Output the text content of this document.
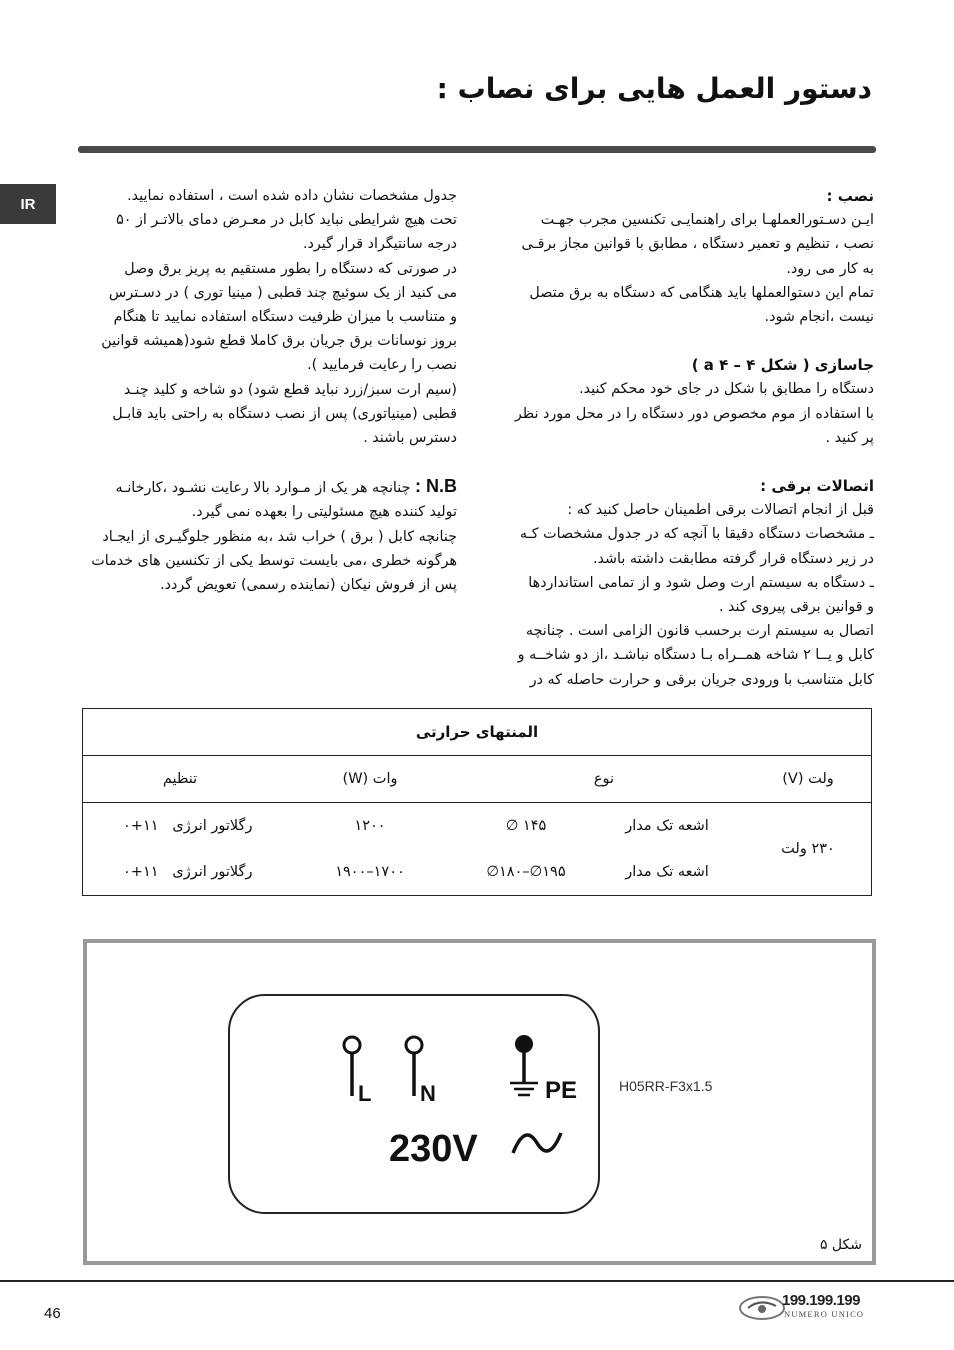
دستور العمل هایی برای نصاب :
IR	نصب :

ایـن دسـتورالعملهـا برای راهنمایـی تکنسین مجرب جهـت

نصب ، تنظیم و تعمیر دستگاه ، مطابق با قوانین مجاز برقـی

به کار می رود.

تمام این دستوالعملها باید هنگامی که دستگاه به برق متصل

نیست ،انجام شود.

جاسازی ( شکل a ۴ – ۴ )

دستگاه را مطابق با شکل در جای خود محکم کنید.

با استفاده از موم مخصوص دور دستگاه را در محل مورد نظر

پر کنید .

اتصالات برقی :

قبل از انجام اتصالات برقی اطمینان حاصل کنید که :

ـ مشخصات دستگاه دقیقا با آنچه که در جدول مشخصات کـه

در زیر دستگاه قرار گرفته مطابقت داشته باشد.

ـ دستگاه به سیستم ارت وصل شود و از تمامی استانداردها

و قوانین برقی پیروی کند .

اتصال به سیستم ارت برحسب قانون الزامی است . چنانچه

کابل و یــا ۲ شاخه همــراه بـا دستگاه نباشـد ،از دو شاخــه و

کابل متناسب با ورودی جریان برقی و حرارت حاصله که در

جدول مشخصات نشان داده شده است ، استفاده نمایید.

تحت هیچ شرایطی نباید کابل در معـرض دمای بالاتـر از ۵۰

درجه سانتیگراد قرار گیرد.

در صورتی که دستگاه را بطور مستقیم به پریز برق وصل

می کنید از یک سوئیچ چند قطبی ( مینیا توری ) در دسـترس

و متناسب با میزان ظرفیت دستگاه استفاده نمایید تا هنگام

بروز نوسانات برق جریان برق کاملا قطع شود(همیشه قوانین

نصب را رعایت فرمایید ).

(سیم ارت سبز/زرد نباید قطع شود) دو شاخه و کلید چنـد

قطبی (مینیاتوری) پس از نصب دستگاه به راحتی باید قابـل

دسترس باشند .

N.B : چنانچه هر یک از مـوارد بالا رعایت نشـود ،کارخانـه

تولید کننده هیچ مسئولیتی را بعهده نمی گیرد.

چنانچه کابل ( برق ) خراب شد ،به منظور جلوگیـری از ایجـاد

هرگونه خطری ،می بایست توسط یکی از تکنسین های خدمات

پس از فروش نیکان (نماینده رسمی) تعویض گردد.

المنتهای حرارتی				
ولت (V)	نوع		وات (W)	تنظیم
۲۳۰ ولت	اشعه تک مدار	∅ ۱۴۵	۱۲۰۰	رگلاتور انرژی   ۰+۱۱
	اشعه تک مدار	∅۱۸۰–∅۱۹۵	۱۷۰۰–۱۹۰۰	رگلاتور انرژی   ۰+۱۱
L N	PE
230V
H05RR-F3x1.5
شکل ۵
46
199.199.199
NUMERO UNICO
